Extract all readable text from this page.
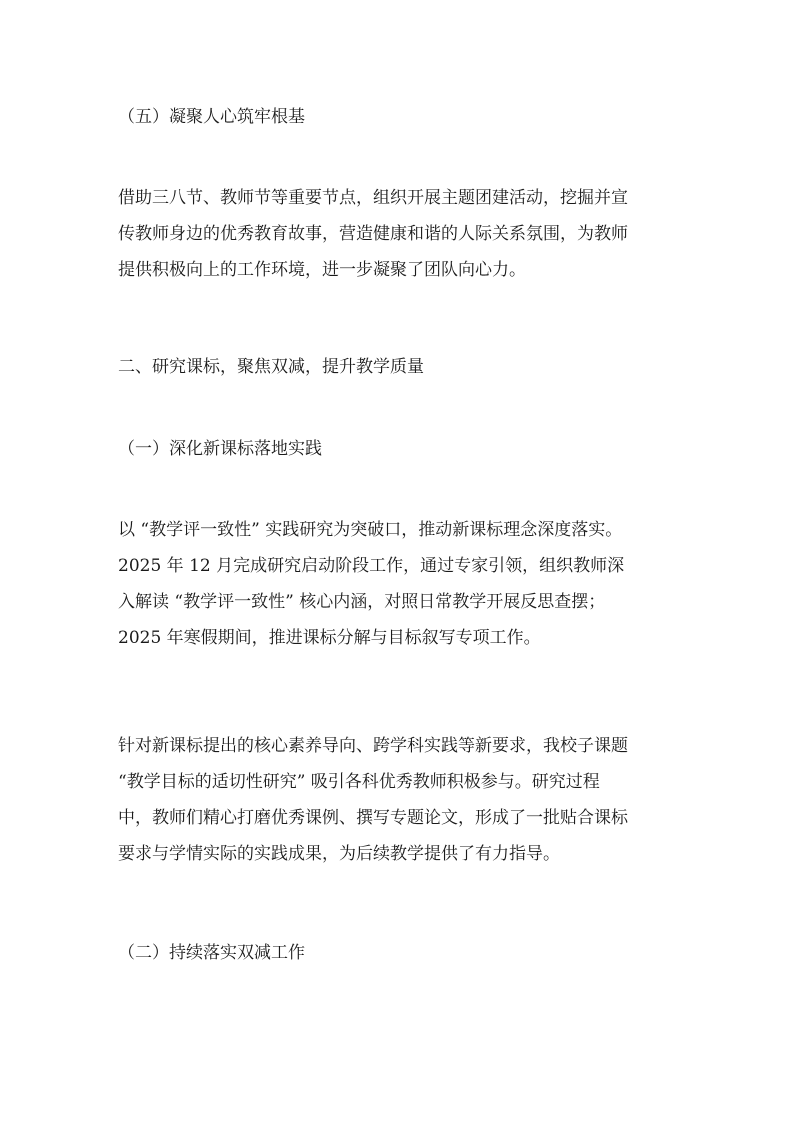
（五）凝聚人心筑牢根基

借助三八节、教师节等重要节点，组织开展主题团建活动，挖掘并宣
传教师身边的优秀教育故事，营造健康和谐的人际关系氛围，为教师
提供积极向上的工作环境，进一步凝聚了团队向心力。

二、研究课标，聚焦双减，提升教学质量

（一）深化新课标落地实践

以 “教学评一致性” 实践研究为突破口，推动新课标理念深度落实。
2025 年 12 月完成研究启动阶段工作，通过专家引领，组织教师深
入解读 “教学评一致性” 核心内涵，对照日常教学开展反思查摆；
2025 年寒假期间，推进课标分解与目标叙写专项工作。

针对新课标提出的核心素养导向、跨学科实践等新要求，我校子课题
“教学目标的适切性研究” 吸引各科优秀教师积极参与。研究过程
中，教师们精心打磨优秀课例、撰写专题论文，形成了一批贴合课标
要求与学情实际的实践成果，为后续教学提供了有力指导。

（二）持续落实双减工作
